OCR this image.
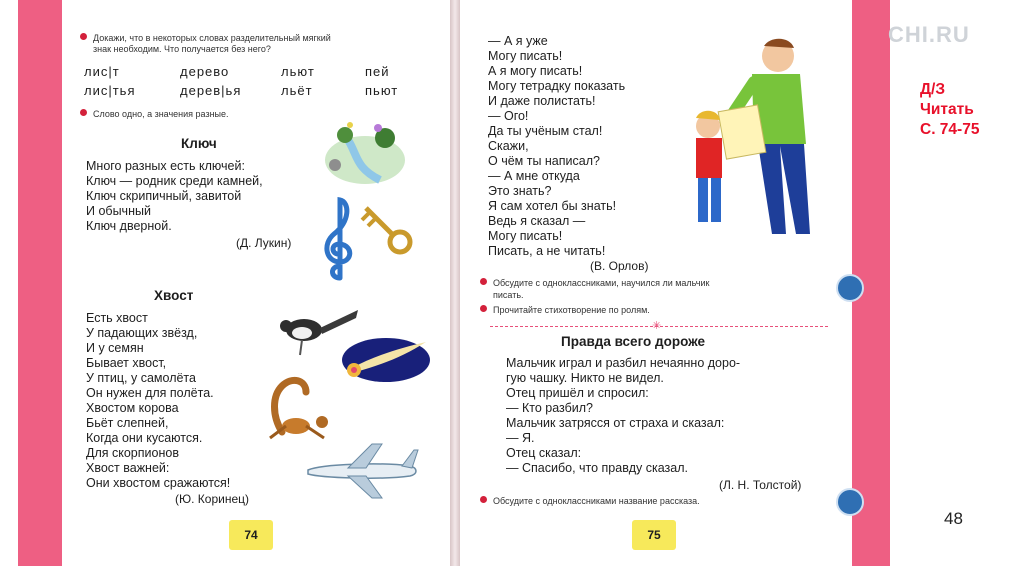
Докажи, что в некоторых словах разделительный мягкий
знак необходим. Что получается без него?
лис|т	дерево	льют	пей
лис|тья	дерев|ья	льёт	пьют
Слово одно, а значения разные.
Ключ
Много разных есть ключей:
Ключ — родник среди камней,
Ключ скрипичный, завитой
И обычный
Ключ дверной.
(Д. Лукин)
Хвост
Есть хвост
У падающих звёзд,
И у семян
Бывает хвост,
У птиц, у самолёта
Он нужен для полёта.
Хвостом корова
Бьёт слепней,
Когда они кусаются.
Для скорпионов
Хвост важней:
Они хвостом сражаются!
(Ю. Коринец)
74
— А я уже
Могу писать!
А я могу писать!
Могу тетрадку показать
И даже полистать!
— Ого!
Да ты учёным стал!
Скажи,
О чём ты написал?
— А мне откуда
Это знать?
Я сам хотел бы знать!
Ведь я сказал —
Могу писать!
Писать, а не читать!
(В. Орлов)
Обсудите с одноклассниками, научился ли мальчик
писать.
Прочитайте стихотворение по ролям.
✳
Правда всего дороже
Мальчик играл и разбил нечаянно доро-
гую чашку. Никто не видел.
Отец пришёл и спросил:
— Кто разбил?
Мальчик затрясся от страха и сказал:
— Я.
Отец сказал:
— Спасибо, что правду сказал.
(Л. Н. Толстой)
Обсудите с одноклассниками название рассказа.
75
CHI.RU
Д/З
Читать
С. 74-75
48
